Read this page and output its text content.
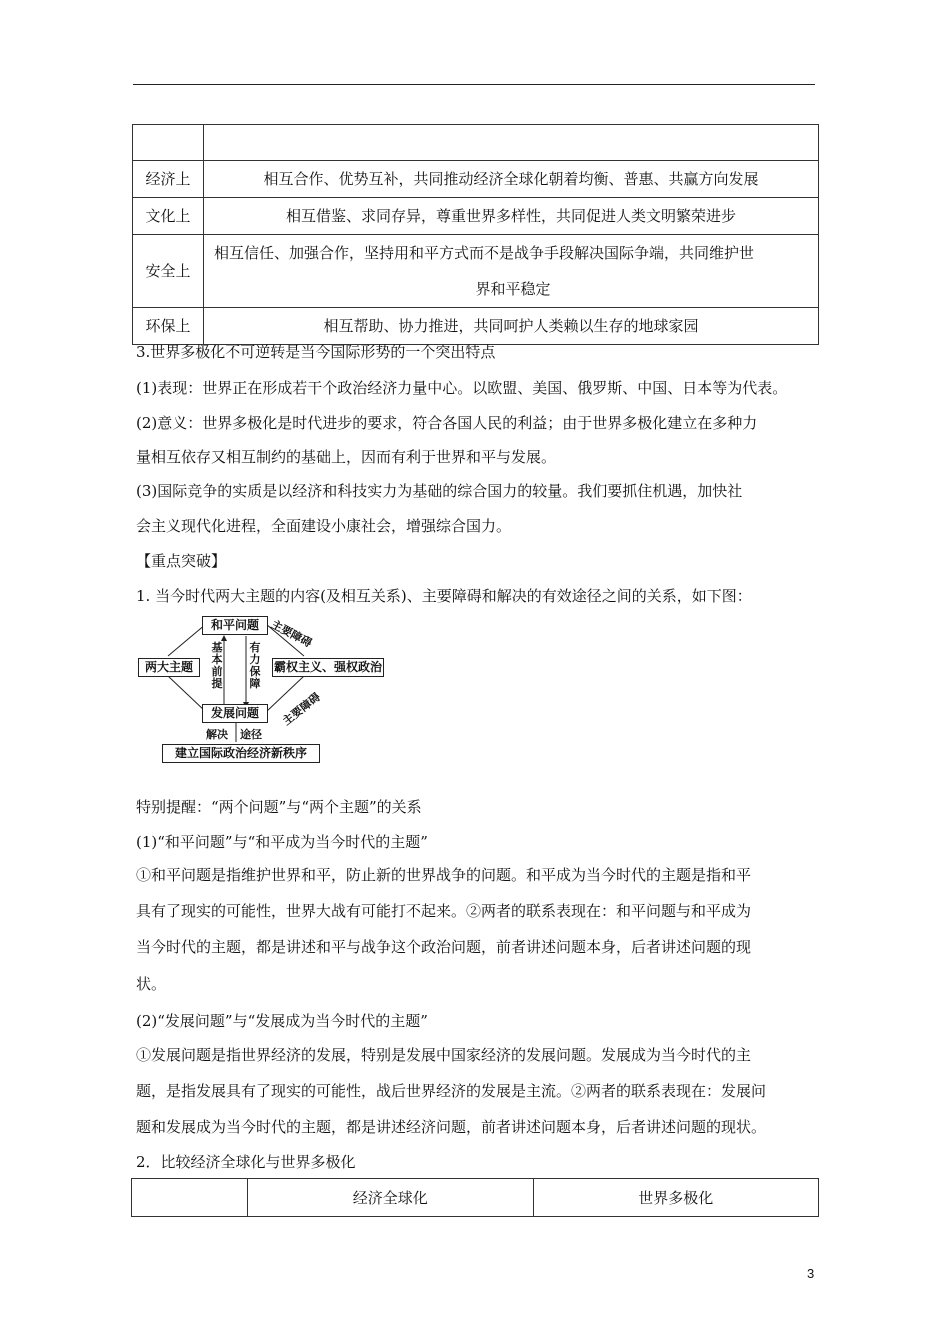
经济上	相互合作、优势互补，共同推动经济全球化朝着均衡、普惠、共赢方向发展
文化上	相互借鉴、求同存异，尊重世界多样性，共同促进人类文明繁荣进步
安全上	相互信任、加强合作，坚持用和平方式而不是战争手段解决国际争端，共同维护世
界和平稳定

环保上	相互帮助、协力推进，共同呵护人类赖以生存的地球家园
3.世界多极化不可逆转是当今国际形势的一个突出特点
(1)表现：世界正在形成若干个政治经济力量中心。以欧盟、美国、俄罗斯、中国、日本等为代表。
(2)意义：世界多极化是时代进步的要求，符合各国人民的利益；由于世界多极化建立在多种力
量相互依存又相互制约的基础上，因而有利于世界和平与发展。
(3)国际竞争的实质是以经济和科技实力为基础的综合国力的较量。我们要抓住机遇，加快社
会主义现代化进程，全面建设小康社会，增强综合国力。
【重点突破】
1. 当今时代两大主题的内容(及相互关系)、主要障碍和解决的有效途径之间的关系，如下图：
和平问题
两大主题
发展问题
霸权主义、强权政治
建立国际政治经济新秩序
基本前提
有力保障
主要障碍
主要障碍
解决 途径
特别提醒：“两个问题”与“两个主题”的关系
(1)“和平问题”与“和平成为当今时代的主题”
①和平问题是指维护世界和平，防止新的世界战争的问题。和平成为当今时代的主题是指和平
具有了现实的可能性，世界大战有可能打不起来。②两者的联系表现在：和平问题与和平成为
当今时代的主题，都是讲述和平与战争这个政治问题，前者讲述问题本身，后者讲述问题的现
状。
(2)“发展问题”与“发展成为当今时代的主题”
①发展问题是指世界经济的发展，特别是发展中国家经济的发展问题。发展成为当今时代的主
题，是指发展具有了现实的可能性，战后世界经济的发展是主流。②两者的联系表现在：发展问
题和发展成为当今时代的主题，都是讲述经济问题，前者讲述问题本身，后者讲述问题的现状。
2．比较经济全球化与世界多极化
	经济全球化	世界多极化
3
